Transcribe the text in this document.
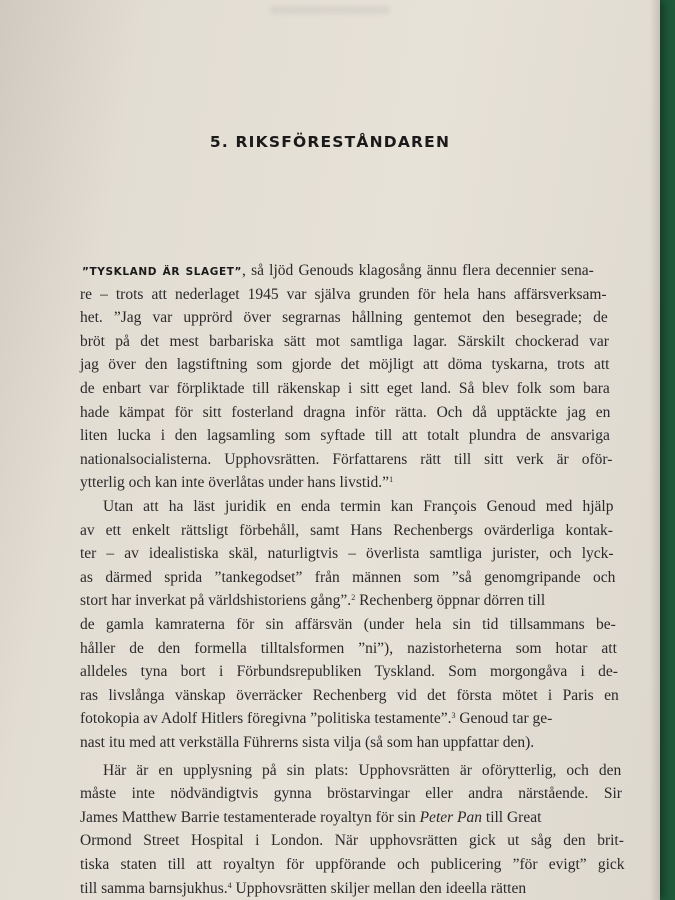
5. RIKSFÖRESTÅNDAREN
”TYSKLAND ÄR SLAGET”, så ljöd Genouds klagosång ännu flera decennier sena-
re – trots att nederlaget 1945 var själva grunden för hela hans affärsverksam-
het. ”Jag var upprörd över segrarnas hållning gentemot den besegrade; de
bröt på det mest barbariska sätt mot samtliga lagar. Särskilt chockerad var
jag över den lagstiftning som gjorde det möjligt att döma tyskarna, trots att
de enbart var förpliktade till räkenskap i sitt eget land. Så blev folk som bara
hade kämpat för sitt fosterland dragna inför rätta. Och då upptäckte jag en
liten lucka i den lagsamling som syftade till att totalt plundra de ansvariga
nationalsocialisterna. Upphovsrätten. Författarens rätt till sitt verk är oför-
ytterlig och kan inte överlåtas under hans livstid.”$^1$
Utan att ha läst juridik en enda termin kan François Genoud med hjälp
av ett enkelt rättsligt förbehåll, samt Hans Rechenbergs ovärderliga kontak-
ter – av idealistiska skäl, naturligtvis – överlista samtliga jurister, och lyck-
as därmed sprida ”tankegodset” från männen som ”så genomgripande och
stort har inverkat på världshistoriens gång”.$^2$ Rechenberg öppnar dörren till
de gamla kamraterna för sin affärsvän (under hela sin tid tillsammans be-
håller de den formella tilltalsformen ”ni”), nazistorheterna som hotar att
alldeles tyna bort i Förbundsrepubliken Tyskland. Som morgongåva i de-
ras livslånga vänskap överräcker Rechenberg vid det första mötet i Paris en
fotokopia av Adolf Hitlers föregivna ”politiska testamente”.$^3$ Genoud tar ge-
nast itu med att verkställa Führerns sista vilja (så som han uppfattar den).
Här är en upplysning på sin plats: Upphovsrätten är oförytterlig, och den
måste inte nödvändigtvis gynna bröstarvingar eller andra närstående. Sir
James Matthew Barrie testamenterade royaltyn för sin Peter Pan till Great
Ormond Street Hospital i London. När upphovsrätten gick ut såg den brit-
tiska staten till att royaltyn för uppförande och publicering ”för evigt” gick
till samma barnsjukhus.$^4$ Upphovsrätten skiljer mellan den ideella rätten
